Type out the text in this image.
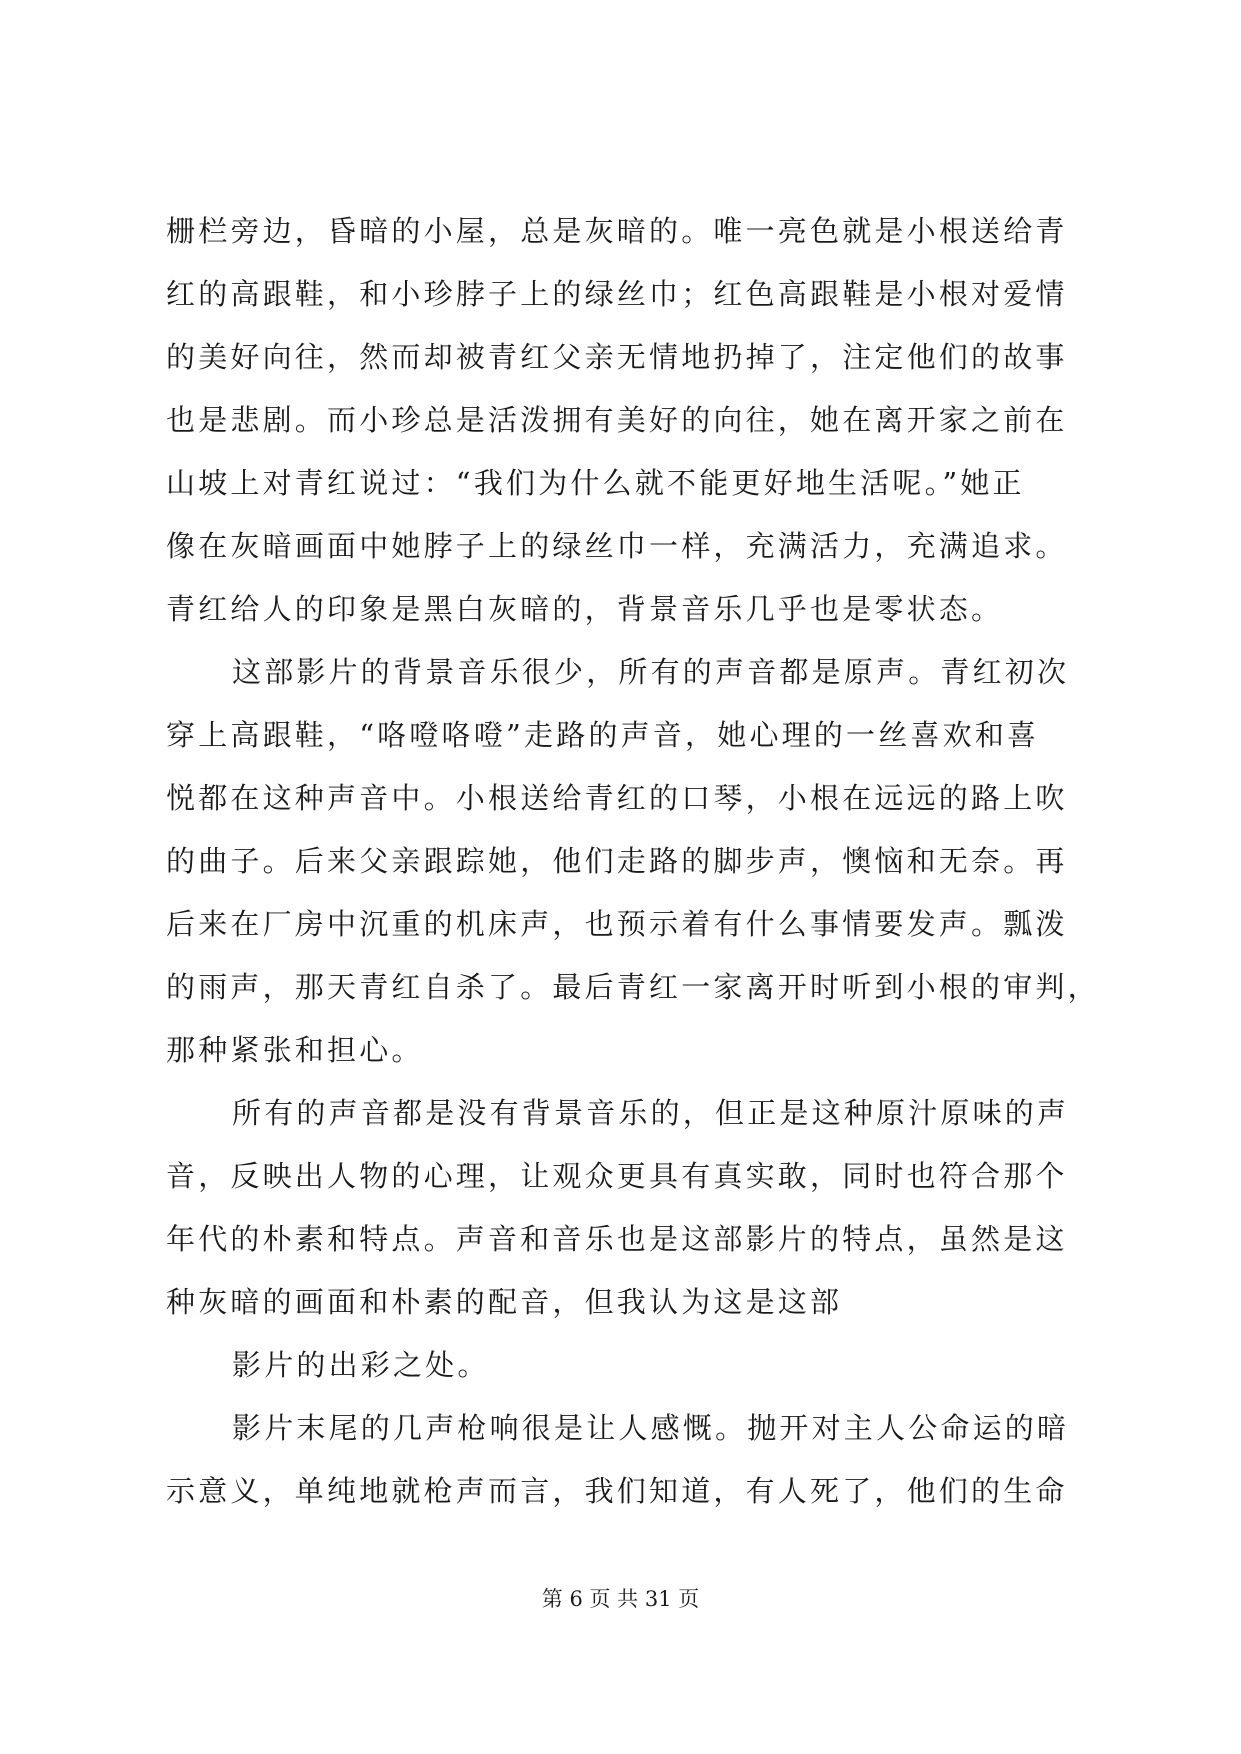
栅栏旁边，昏暗的小屋，总是灰暗的。唯一亮色就是小根送给青
红的高跟鞋，和小珍脖子上的绿丝巾；红色高跟鞋是小根对爱情
的美好向往，然而却被青红父亲无情地扔掉了，注定他们的故事
也是悲剧。而小珍总是活泼拥有美好的向往，她在离开家之前在
山坡上对青红说过：“我们为什么就不能更好地生活呢。”她正
像在灰暗画面中她脖子上的绿丝巾一样，充满活力，充满追求。
青红给人的印象是黑白灰暗的，背景音乐几乎也是零状态。
这部影片的背景音乐很少，所有的声音都是原声。青红初次
穿上高跟鞋，“咯噔咯噔”走路的声音，她心理的一丝喜欢和喜
悦都在这种声音中。小根送给青红的口琴，小根在远远的路上吹
的曲子。后来父亲跟踪她，他们走路的脚步声，懊恼和无奈。再
后来在厂房中沉重的机床声，也预示着有什么事情要发声。瓢泼
的雨声，那天青红自杀了。最后青红一家离开时听到小根的审判，
那种紧张和担心。
所有的声音都是没有背景音乐的，但正是这种原汁原味的声
音，反映出人物的心理，让观众更具有真实敢，同时也符合那个
年代的朴素和特点。声音和音乐也是这部影片的特点，虽然是这
种灰暗的画面和朴素的配音，但我认为这是这部
影片的出彩之处。
影片末尾的几声枪响很是让人感慨。抛开对主人公命运的暗
示意义，单纯地就枪声而言，我们知道，有人死了，他们的生命
第 6 页 共 31 页
